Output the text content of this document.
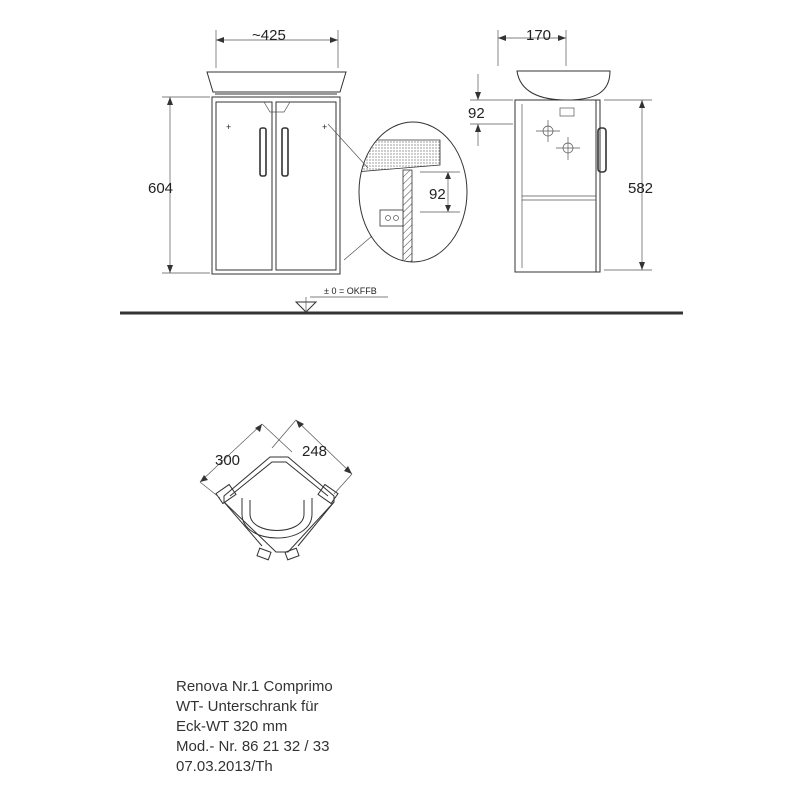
~425
+	+
604	92
170
92
582
± 0 = OKFFB
300
248
Renova Nr.1 Comprimo
WT- Unterschrank für
Eck-WT 320 mm
Mod.- Nr. 86 21 32 / 33
07.03.2013/Th
